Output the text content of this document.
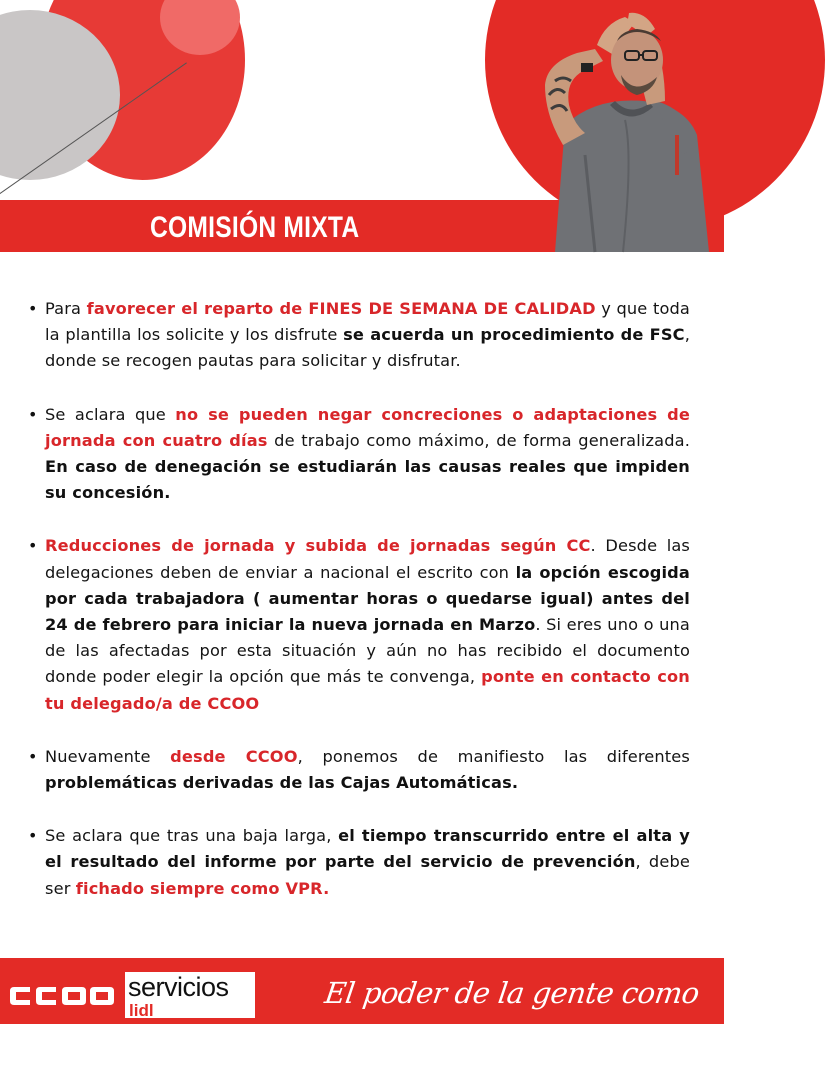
COMISIÓN MIXTA
• Para favorecer el reparto de FINES DE SEMANA DE CALIDAD y que toda la plantilla los solicite y los disfrute se acuerda un procedimiento de FSC, donde se recogen pautas para solicitar y disfrutar.
• Se aclara que no se pueden negar concreciones o adaptaciones de jornada con cuatro días de trabajo como máximo, de forma generalizada. En caso de denegación se estudiarán las causas reales que impiden su concesión.
• Reducciones de jornada y subida de jornadas según CC. Desde las delegaciones deben de enviar a nacional el escrito con la opción escogida por cada trabajadora ( aumentar horas o quedarse igual) antes del 24 de febrero para iniciar la nueva jornada en Marzo. Si eres uno o una de las afectadas por esta situación y aún no has recibido el documento donde poder elegir la opción que más te convenga, ponte en contacto con tu delegado/a de CCOO
• Nuevamente desde CCOO, ponemos de manifiesto las diferentes problemáticas derivadas de las Cajas Automáticas.
• Se aclara que tras una baja larga, el tiempo transcurrido entre el alta y el resultado del informe por parte del servicio de prevención, debe ser fichado siempre como VPR.
servicios
lidl
El poder de la gente como tú
